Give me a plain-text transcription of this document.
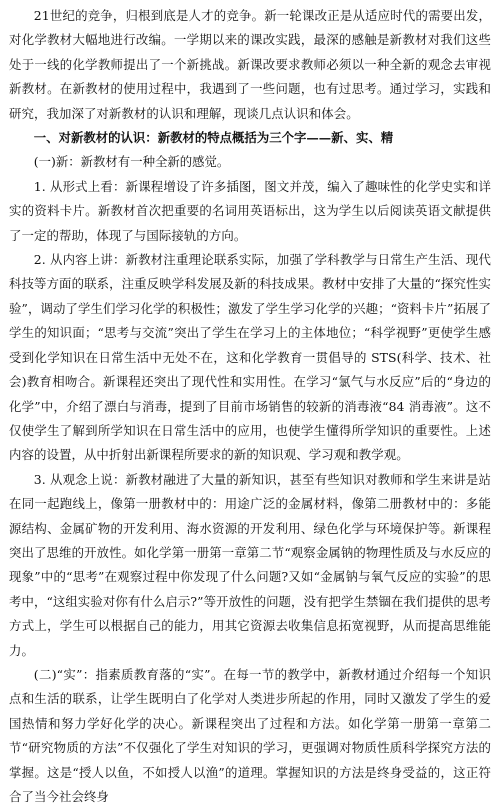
21世纪的竞争，归根到底是人才的竞争。新一轮课改正是从适应时代的需要出发，对化学教材大幅地进行改编。一学期以来的课改实践，最深的感触是新教材对我们这些处于一线的化学教师提出了一个新挑战。新课改要求教师必须以一种全新的观念去审视新教材。在新教材的使用过程中，我遇到了一些问题，也有过思考。通过学习，实践和研究，我加深了对新教材的认识和理解，现谈几点认识和体会。

一、对新教材的认识：新教材的特点概括为三个字——新、实、精

(一)新：新教材有一种全新的感觉。

1. 从形式上看：新课程增设了许多插图，图文并茂，编入了趣味性的化学史实和详实的资料卡片。新教材首次把重要的名词用英语标出，这为学生以后阅读英语文献提供了一定的帮助，体现了与国际接轨的方向。

2. 从内容上讲：新教材注重理论联系实际，加强了学科教学与日常生产生活、现代科技等方面的联系，注重反映学科发展及新的科技成果。教材中安排了大量的“探究性实验”，调动了学生们学习化学的积极性；激发了学生学习化学的兴趣；“资料卡片”拓展了学生的知识面；“思考与交流”突出了学生在学习上的主体地位；“科学视野”更使学生感受到化学知识在日常生活中无处不在，这和化学教育一贯倡导的 STS(科学、技术、社会)教育相吻合。新课程还突出了现代性和实用性。在学习“氯气与水反应”后的“身边的化学”中，介绍了漂白与消毒，提到了目前市场销售的较新的消毒液“84 消毒液”。这不仅使学生了解到所学知识在日常生活中的应用，也使学生懂得所学知识的重要性。上述内容的设置，从中折射出新课程所要求的新的知识观、学习观和教学观。

3. 从观念上说：新教材融进了大量的新知识，甚至有些知识对教师和学生来讲是站在同一起跑线上，像第一册教材中的：用途广泛的金属材料，像第二册教材中的：多能源结构、金属矿物的开发利用、海水资源的开发利用、绿色化学与环境保护等。新课程突出了思维的开放性。如化学第一册第一章第二节“观察金属钠的物理性质及与水反应的现象”中的“思考”在观察过程中你发现了什么问题?又如“金属钠与氧气反应的实验”的思考中，“这组实验对你有什么启示?”等开放性的问题，没有把学生禁锢在我们提供的思考方式上，学生可以根据自己的能力，用其它资源去收集信息拓宽视野，从而提高思维能力。

(二)“实”：指素质教育落的“实”。在每一节的教学中，新教材通过介绍每一个知识点和生活的联系，让学生既明白了化学对人类进步所起的作用，同时又激发了学生的爱国热情和努力学好化学的决心。新课程突出了过程和方法。如化学第一册第一章第二节“研究物质的方法”不仅强化了学生对知识的学习，更强调对物质性质科学探究方法的掌握。这是“授人以鱼，不如授人以渔”的道理。掌握知识的方法是终身受益的，这正符合了当今社会终身
